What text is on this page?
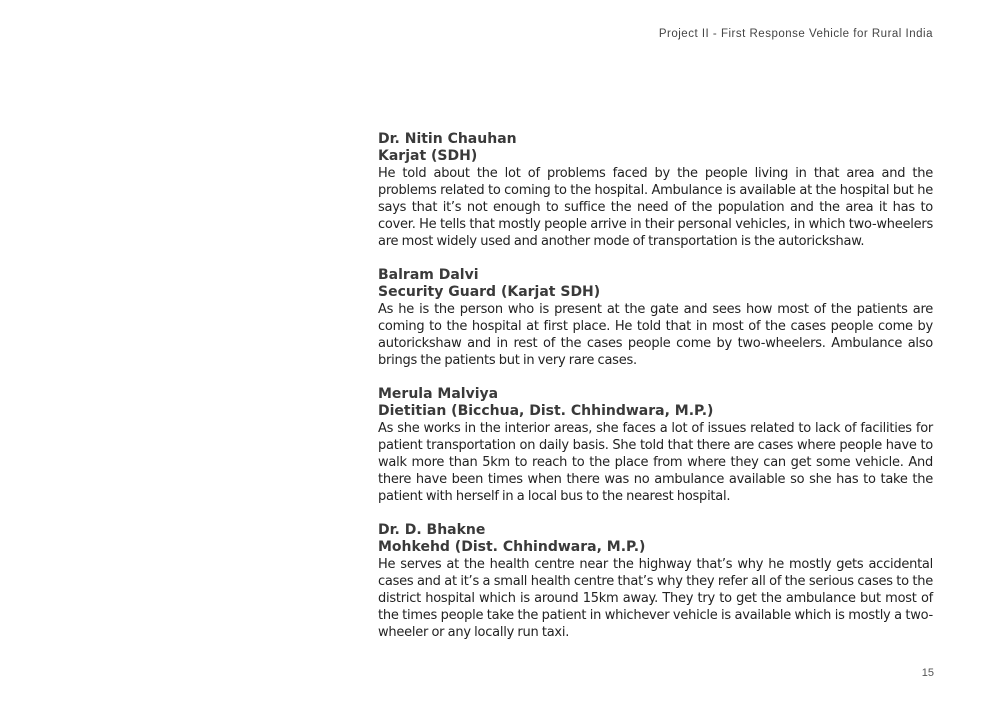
Project II - First Response Vehicle for Rural India
Dr. Nitin Chauhan
Karjat (SDH)
He told about the lot of problems faced by the people living in that area and the problems related to coming to the hospital. Ambulance is available at the hospital but he says that it’s not enough to suffice the need of the population and the area it has to cover. He tells that mostly people arrive in their personal vehicles, in which two-wheelers are most widely used and another mode of transportation is the autorickshaw.
Balram Dalvi
Security Guard (Karjat SDH)
As he is the person who is present at the gate and sees how most of the patients are coming to the hospital at first place. He told that in most of the cases people come by autorickshaw and in rest of the cases people come by two-wheelers. Ambulance also brings the patients but in very rare cases.
Merula Malviya
Dietitian (Bicchua, Dist. Chhindwara, M.P.)
As she works in the interior areas, she faces a lot of issues related to lack of facilities for patient transportation on daily basis. She told that there are cases where people have to walk more than 5km to reach to the place from where they can get some vehicle. And there have been times when there was no ambulance available so she has to take the patient with herself in a local bus to the nearest hospital.
Dr. D. Bhakne
Mohkehd (Dist. Chhindwara, M.P.)
He serves at the health centre near the highway that’s why he mostly gets accidental cases and at it’s a small health centre that’s why they refer all of the serious cases to the district hospital which is around 15km away. They try to get the ambulance but most of the times people take the patient in whichever vehicle is available which is mostly a two-wheeler or any locally run taxi.
15
